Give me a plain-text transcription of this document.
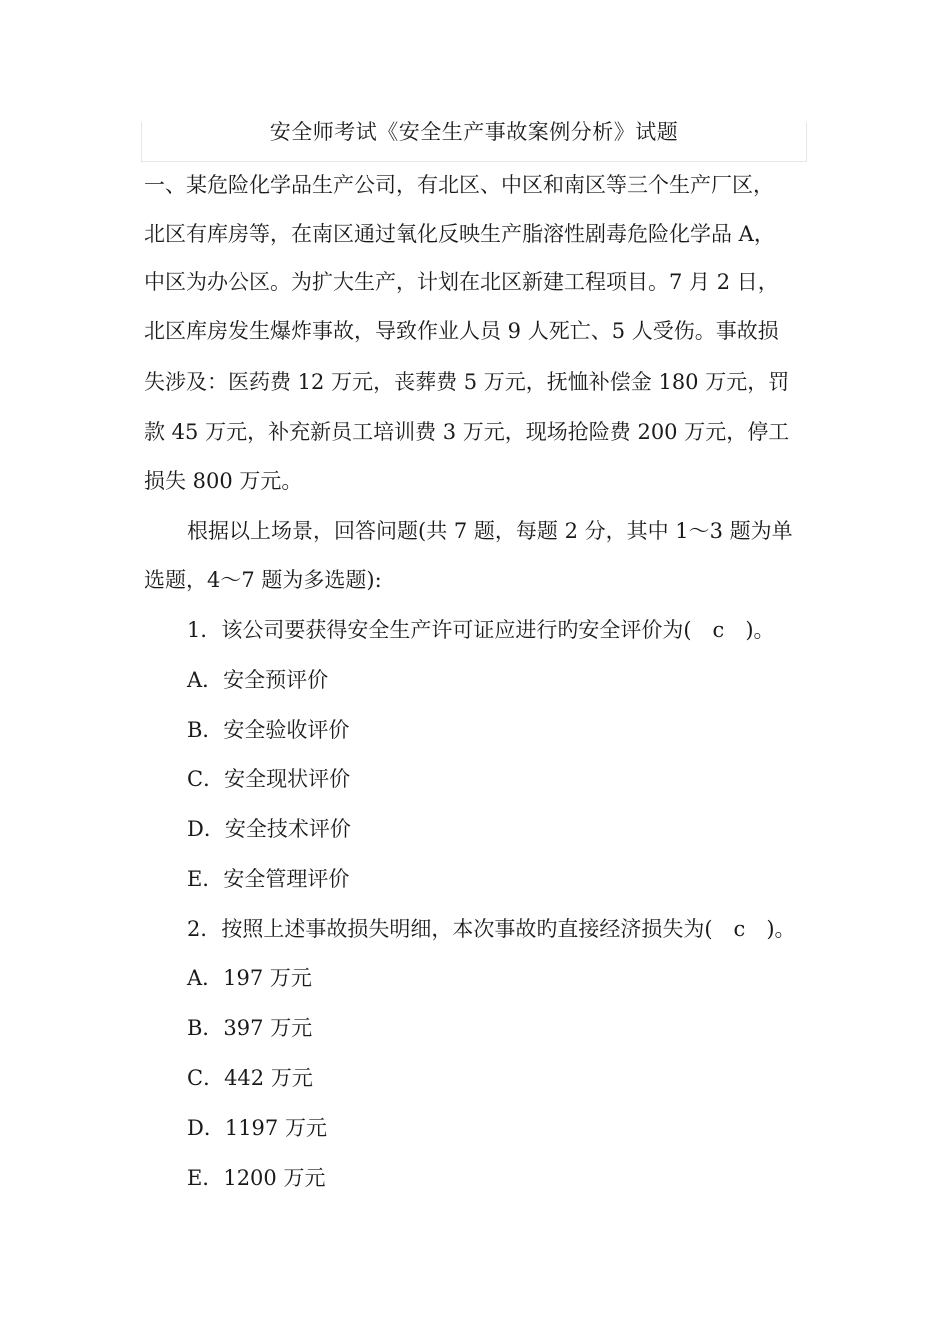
安全师考试《安全生产事故案例分析》试题
一、某危险化学品生产公司，有北区、中区和南区等三个生产厂区，
北区有库房等，在南区通过氧化反映生产脂溶性剧毒危险化学品 A，
中区为办公区。为扩大生产，计划在北区新建工程项目。7 月 2 日，
北区库房发生爆炸事故，导致作业人员 9 人死亡、5 人受伤。事故损
失涉及：医药费 12 万元，丧葬费 5 万元，抚恤补偿金 180 万元，罚
款 45 万元，补充新员工培训费 3 万元，现场抢险费 200 万元，停工
损失 800 万元。
根据以上场景，回答问题(共 7 题，每题 2 分，其中 1～3 题为单
选题，4～7 题为多选题):
1．该公司要获得安全生产许可证应进行旳安全评价为(　c　)。
A．安全预评价
B．安全验收评价
C．安全现状评价
D．安全技术评价
E．安全管理评价
2．按照上述事故损失明细，本次事故旳直接经济损失为(　c　)。
A．197 万元
B．397 万元
C．442 万元
D．1197 万元
E．1200 万元
